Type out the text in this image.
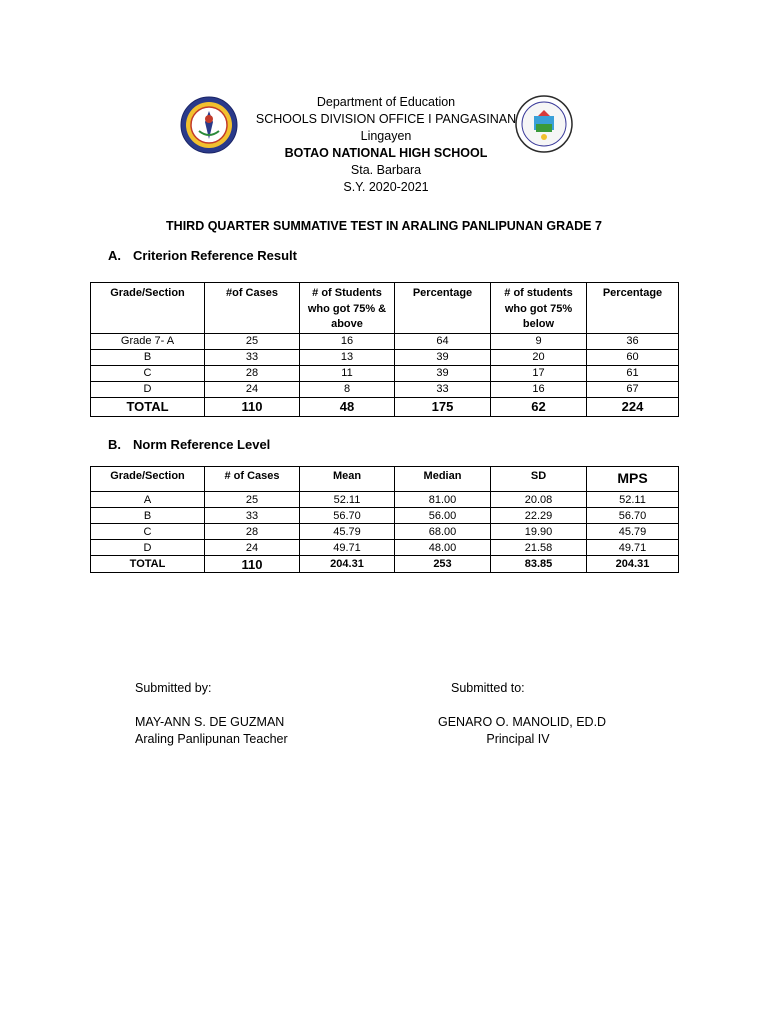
Department of Education
SCHOOLS DIVISION OFFICE I PANGASINAN
Lingayen
BOTAO NATIONAL HIGH SCHOOL
Sta. Barbara
S.Y. 2020-2021
THIRD QUARTER SUMMATIVE TEST IN ARALING PANLIPUNAN GRADE 7
A. Criterion Reference Result
Grade/Section	#of Cases	# of Students who got 75% & above	Percentage	# of students who got 75% below	Percentage
Grade 7- A	25	16	64	9	36
B	33	13	39	20	60
C	28	11	39	17	61
D	24	8	33	16	67
TOTAL	110	48	175	62	224
B. Norm Reference Level
Grade/Section	# of Cases	Mean	Median	SD	MPS
A	25	52.11	81.00	20.08	52.11
B	33	56.70	56.00	22.29	56.70
C	28	45.79	68.00	19.90	45.79
D	24	49.71	48.00	21.58	49.71
TOTAL	110	204.31	253	83.85	204.31
Submitted by:	Submitted to:
MAY-ANN S. DE GUZMAN
Araling Panlipunan Teacher
GENARO O. MANOLID, ED.D
Principal IV
